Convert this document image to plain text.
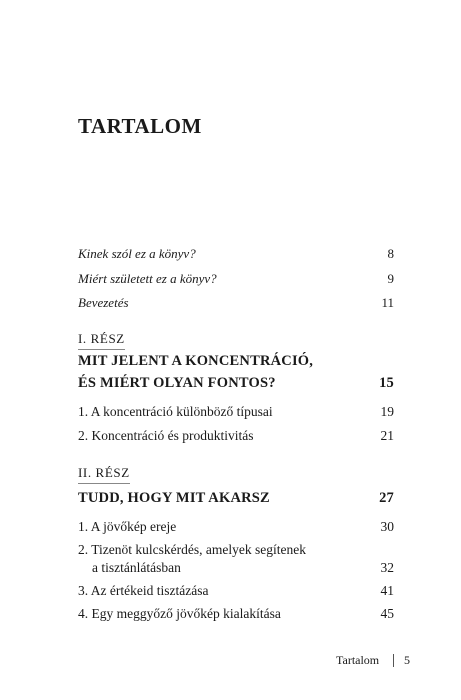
TARTALOM
Kinek szól ez a könyv?	8
Miért született ez a könyv?	9
Bevezetés	11
I. RÉSZ
MIT JELENT A KONCENTRÁCIÓ,
ÉS MIÉRT OLYAN FONTOS?	15
1. A koncentráció különböző típusai	19
2. Koncentráció és produktivitás	21
II. RÉSZ
TUDD, HOGY MIT AKARSZ	27
1. A jövőkép ereje	30
2. Tizenöt kulcskérdés, amelyek segítenek
a tisztánlátásban	32
3. Az értékeid tisztázása	41
4. Egy meggyőző jövőkép kialakítása	45
Tartalom 5
